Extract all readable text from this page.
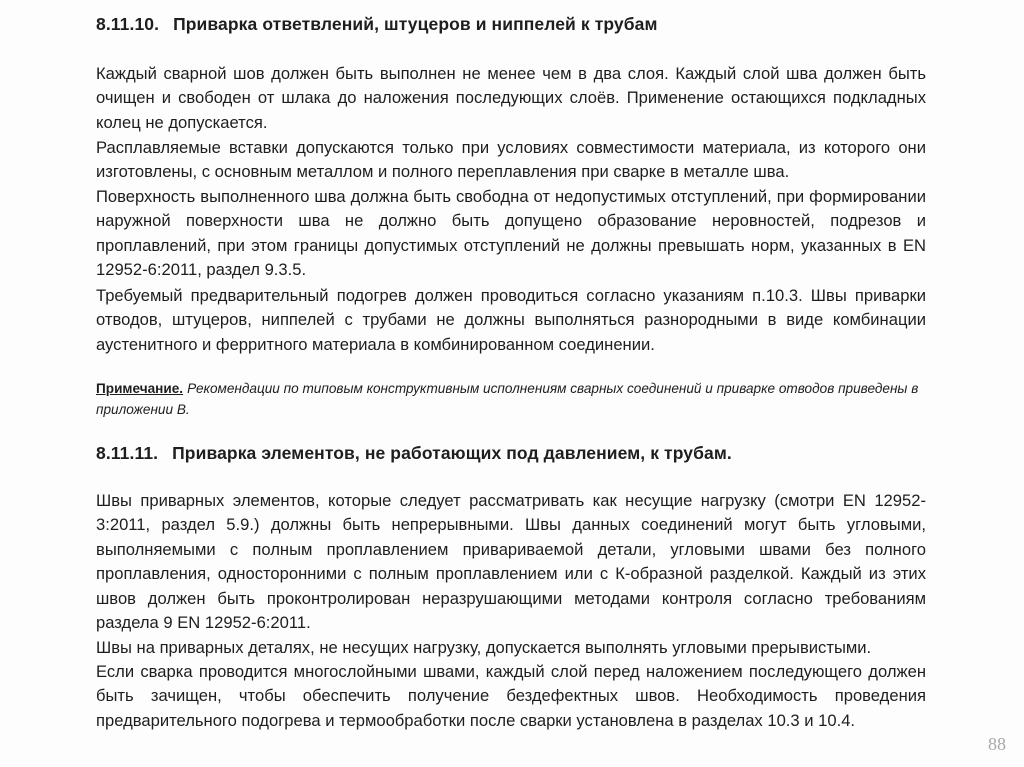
8.11.10. Приварка ответвлений, штуцеров и ниппелей к трубам
Каждый сварной шов должен быть выполнен не менее чем в два слоя. Каждый слой шва должен быть очищен и свободен от шлака до наложения последующих слоёв. Применение остающихся подкладных колец не допускается.
Расплавляемые вставки допускаются только при условиях совместимости материала, из которого они изготовлены, с основным металлом и полного переплавления при сварке в металле шва.
Поверхность выполненного шва должна быть свободна от недопустимых отступлений, при формировании наружной поверхности шва не должно быть допущено образование неровностей, подрезов и проплавлений, при этом границы допустимых отступлений не должны превышать норм, указанных в EN 12952-6:2011, раздел 9.3.5.
Требуемый предварительный подогрев должен проводиться согласно указаниям п.10.3. Швы приварки отводов, штуцеров, ниппелей с трубами не должны выполняться разнородными в виде комбинации аустенитного и ферритного материала в комбинированном соединении.
Примечание. Рекомендации по типовым конструктивным исполнениям сварных соединений и приварке отводов приведены в приложении В.
8.11.11. Приварка элементов, не работающих под давлением, к трубам.
Швы приварных элементов, которые следует рассматривать как несущие нагрузку (смотри EN 12952-3:2011, раздел 5.9.) должны быть непрерывными. Швы данных соединений могут быть угловыми, выполняемыми с полным проплавлением привариваемой детали, угловыми швами без полного проплавления, односторонними с полным проплавлением или с К-образной разделкой. Каждый из этих швов должен быть проконтролирован неразрушающими методами контроля согласно требованиям раздела 9 EN 12952-6:2011.
Швы на приварных деталях, не несущих нагрузку, допускается выполнять угловыми прерывистыми.
Если сварка проводится многослойными швами, каждый слой перед наложением последующего должен быть зачищен, чтобы обеспечить получение бездефектных швов. Необходимость проведения предварительного подогрева и термообработки после сварки установлена в разделах 10.3 и 10.4.
88
